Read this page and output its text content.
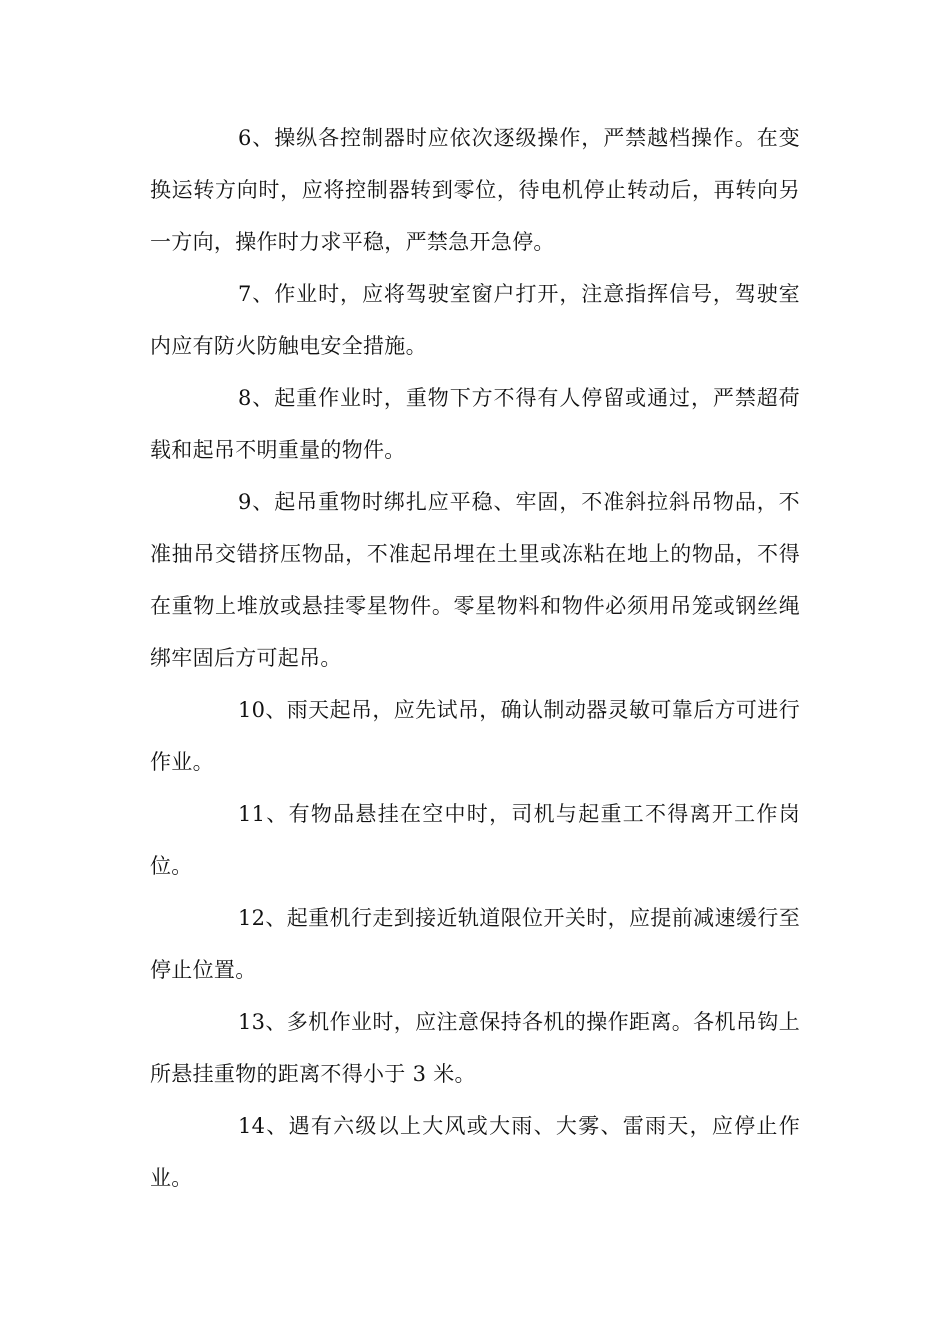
6、操纵各控制器时应依次逐级操作，严禁越档操作。在变换运转方向时，应将控制器转到零位，待电机停止转动后，再转向另一方向，操作时力求平稳，严禁急开急停。

7、作业时，应将驾驶室窗户打开，注意指挥信号，驾驶室内应有防火防触电安全措施。

8、起重作业时，重物下方不得有人停留或通过，严禁超荷载和起吊不明重量的物件。

9、起吊重物时绑扎应平稳、牢固，不准斜拉斜吊物品，不准抽吊交错挤压物品，不准起吊埋在土里或冻粘在地上的物品，不得在重物上堆放或悬挂零星物件。零星物料和物件必须用吊笼或钢丝绳绑牢固后方可起吊。

10、雨天起吊，应先试吊，确认制动器灵敏可靠后方可进行作业。

11、有物品悬挂在空中时，司机与起重工不得离开工作岗位。

12、起重机行走到接近轨道限位开关时，应提前减速缓行至停止位置。

13、多机作业时，应注意保持各机的操作距离。各机吊钩上所悬挂重物的距离不得小于 3 米。

14、遇有六级以上大风或大雨、大雾、雷雨天，应停止作业。
